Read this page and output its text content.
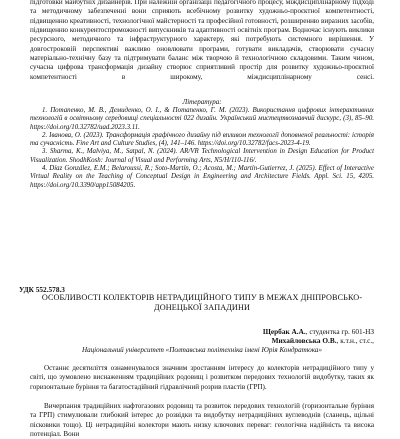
підготовки майбутніх дизайнерів. При належній організації педагогічного процесу, міждисциплінарному підході та методичному забезпеченні вони сприяють всебічному розвитку художньо-проєктної компетентності, підвищенню креативності, технологічної майстерності та професійної готовності, розширенню виразних засобів, підвищенню конкурентоспроможності випускників та адаптивності освітніх програм. Водночас існують виклики ресурсного, методичного та інфраструктурного характеру, які потребують системного вирішення. У довгостроковій перспективі важливо оновлювати програми, готувати викладачів, створювати сучасну матеріально-технічну базу та підтримувати баланс між творчою й технологічною складовими. Таким чином, сучасна цифрова трансформація дизайну створює сприятливий простір для розвитку художньо-проєктної компетентності в широкому, міждисциплінарному сенсі.

Література:

1. Потапенко, М. В., Демиденко, О. І., & Потапенко, Г. М. (2023). Використання цифрових інтерактивних технологій в освітньому середовищі спеціальності 022 дизайн. Український мистецтвознавчий дискурс, (3), 85–90. https://doi.org/10.32782/uad.2023.3.11.

2. Іванова, О. (2023). Трансформація графічного дизайну під впливом технології доповненої реальності: історія та сучасність. Fine Art and Culture Studies, (4), 141–146. https://doi.org/10.32782/facs-2023-4-19.

3. Sharma, K., Malviya, M., Satpal, N. (2024). AR/VR Technological Intervention in Design Education for Product Visualization. ShodhKosh: Journal of Visual and Performing Arts, N5/H/110-116/.

4. Díaz González, E.M.; Belaroussi, R.; Soto-Martín, O.; Acosta, M.; Martín-Gutierrez, J. (2025). Effect of Interactive Virtual Reality on the Teaching of Conceptual Design in Engineering and Architecture Fields. Appl. Sci. 15, 4205. https://doi.org/10.3390/app15084205.

УДК 552.578.3
ОСОБЛИВОСТІ КОЛЕКТОРІВ НЕТРАДИЦІЙНОГО ТИПУ В МЕЖАХ ДНІПРОВСЬКО-
ДОНЕЦЬКОЇ ЗАПАДИНИ
Щербак А.А., студентка гр. 601-НЗ
Михайловська О.В., к.т.н., ст.с.,
Національний університет «Полтавська політехніка імені Юрія Кондратюка»

Останнє десятиліття ознаменувалося значним зростанням інтересу до колекторів нетрадиційного типу у світі, що зумовлено виснаженням традиційних родовищ і розвитком передових технологій видобутку, таких як горизонтальне буріння та багатостадійний гідравлічний розрив пластів (ГРП).

Вичерпання традиційних нафтогазових родовищ та розвиток передових технологій (горизонтальне буріння та ГРП) стимулювали глибокий інтерес до розвідки та видобутку нетрадиційних вуглеводнів (сланець, щільні пісковики тощо). Ці нетрадиційні колектори мають низку ключових переваг: геологічна надійність та висока потенціал. Вони
